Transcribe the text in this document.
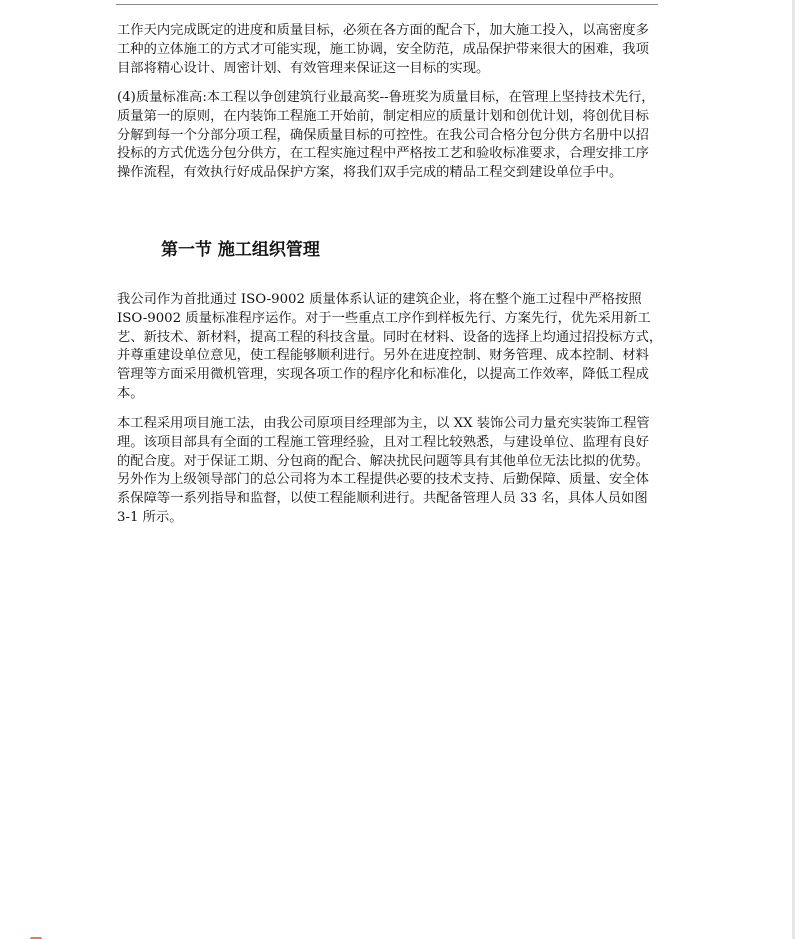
工作天内完成既定的进度和质量目标，必须在各方面的配合下，加大施工投入，以高密度多
工种的立体施工的方式才可能实现，施工协调，安全防范，成品保护带来很大的困难，我项
目部将精心设计、周密计划、有效管理来保证这一目标的实现。

(4)质量标准高:本工程以争创建筑行业最高奖--鲁班奖为质量目标，在管理上坚持技术先行，
质量第一的原则，在内装饰工程施工开始前，制定相应的质量计划和创优计划，将创优目标
分解到每一个分部分项工程，确保质量目标的可控性。在我公司合格分包分供方名册中以招
投标的方式优选分包分供方，在工程实施过程中严格按工艺和验收标准要求，合理安排工序
操作流程，有效执行好成品保护方案，将我们双手完成的精品工程交到建设单位手中。

第一节 施工组织管理

我公司作为首批通过 ISO-9002 质量体系认证的建筑企业，将在整个施工过程中严格按照
ISO-9002 质量标准程序运作。对于一些重点工序作到样板先行、方案先行，优先采用新工
艺、新技术、新材料，提高工程的科技含量。同时在材料、设备的选择上均通过招投标方式，
并尊重建设单位意见，使工程能够顺利进行。另外在进度控制、财务管理、成本控制、材料
管理等方面采用微机管理，实现各项工作的程序化和标准化，以提高工作效率，降低工程成
本。

本工程采用项目施工法，由我公司原项目经理部为主，以 XX 装饰公司力量充实装饰工程管
理。该项目部具有全面的工程施工管理经验，且对工程比较熟悉，与建设单位、监理有良好
的配合度。对于保证工期、分包商的配合、解决扰民问题等具有其他单位无法比拟的优势。
另外作为上级领导部门的总公司将为本工程提供必要的技术支持、后勤保障、质量、安全体
系保障等一系列指导和监督，以使工程能顺利进行。共配备管理人员 33 名，具体人员如图
3-1 所示。
